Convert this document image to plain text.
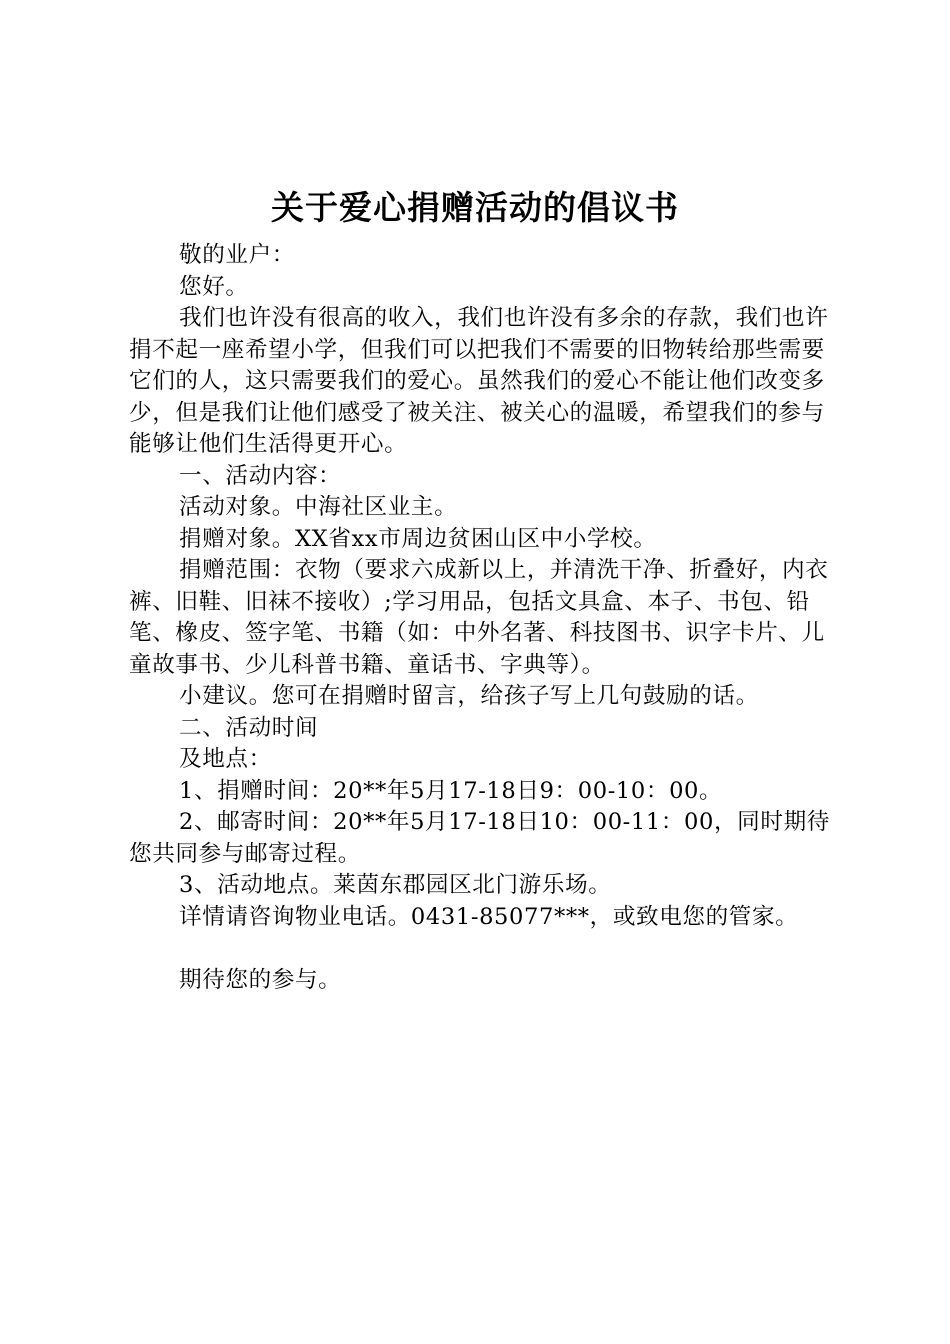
关于爱心捐赠活动的倡议书

敬的业户：

您好。

我们也许没有很高的收入，我们也许没有多余的存款，我们也许捐不起一座希望小学，但我们可以把我们不需要的旧物转给那些需要它们的人，这只需要我们的爱心。虽然我们的爱心不能让他们改变多少，但是我们让他们感受了被关注、被关心的温暖，希望我们的参与能够让他们生活得更开心。

一、活动内容：

活动对象。中海社区业主。

捐赠对象。XX省xx市周边贫困山区中小学校。

捐赠范围：衣物（要求六成新以上，并清洗干净、折叠好，内衣裤、旧鞋、旧袜不接收）;学习用品，包括文具盒、本子、书包、铅笔、橡皮、签字笔、书籍（如：中外名著、科技图书、识字卡片、儿童故事书、少儿科普书籍、童话书、字典等）。

小建议。您可在捐赠时留言，给孩子写上几句鼓励的话。

二、活动时间

及地点：

1、捐赠时间：20**年5月17-18日9：00-10：00。

2、邮寄时间：20**年5月17-18日10：00-11：00，同时期待您共同参与邮寄过程。

3、活动地点。莱茵东郡园区北门游乐场。

详情请咨询物业电话。0431-85077***，或致电您的管家。

期待您的参与。
